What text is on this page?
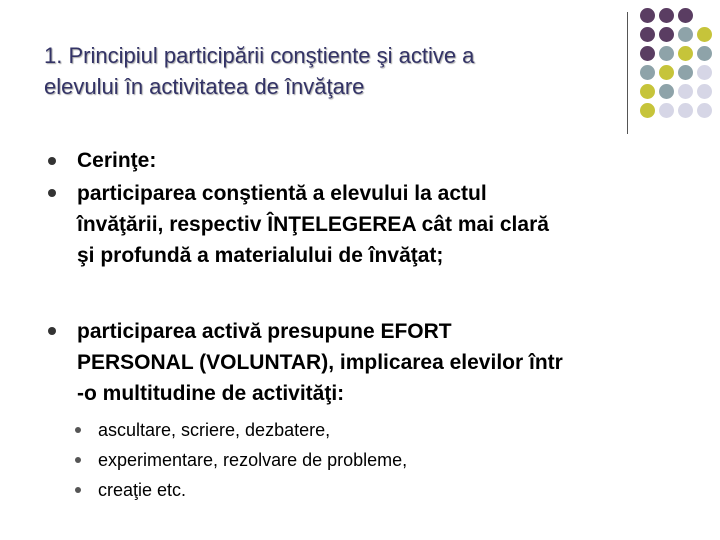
1. Principiul participării conştiente şi active a
elevului în activitatea de învăţare
Cerinţe:
participarea conştientă a elevului la actul
învăţării, respectiv ÎNŢELEGEREA cât mai clară
şi profundă a materialului de învăţat;
participarea activă presupune EFORT
PERSONAL (VOLUNTAR), implicarea elevilor într
-o multitudine de activităţi:
ascultare, scriere, dezbatere,
experimentare, rezolvare de probleme,
creaţie etc.
